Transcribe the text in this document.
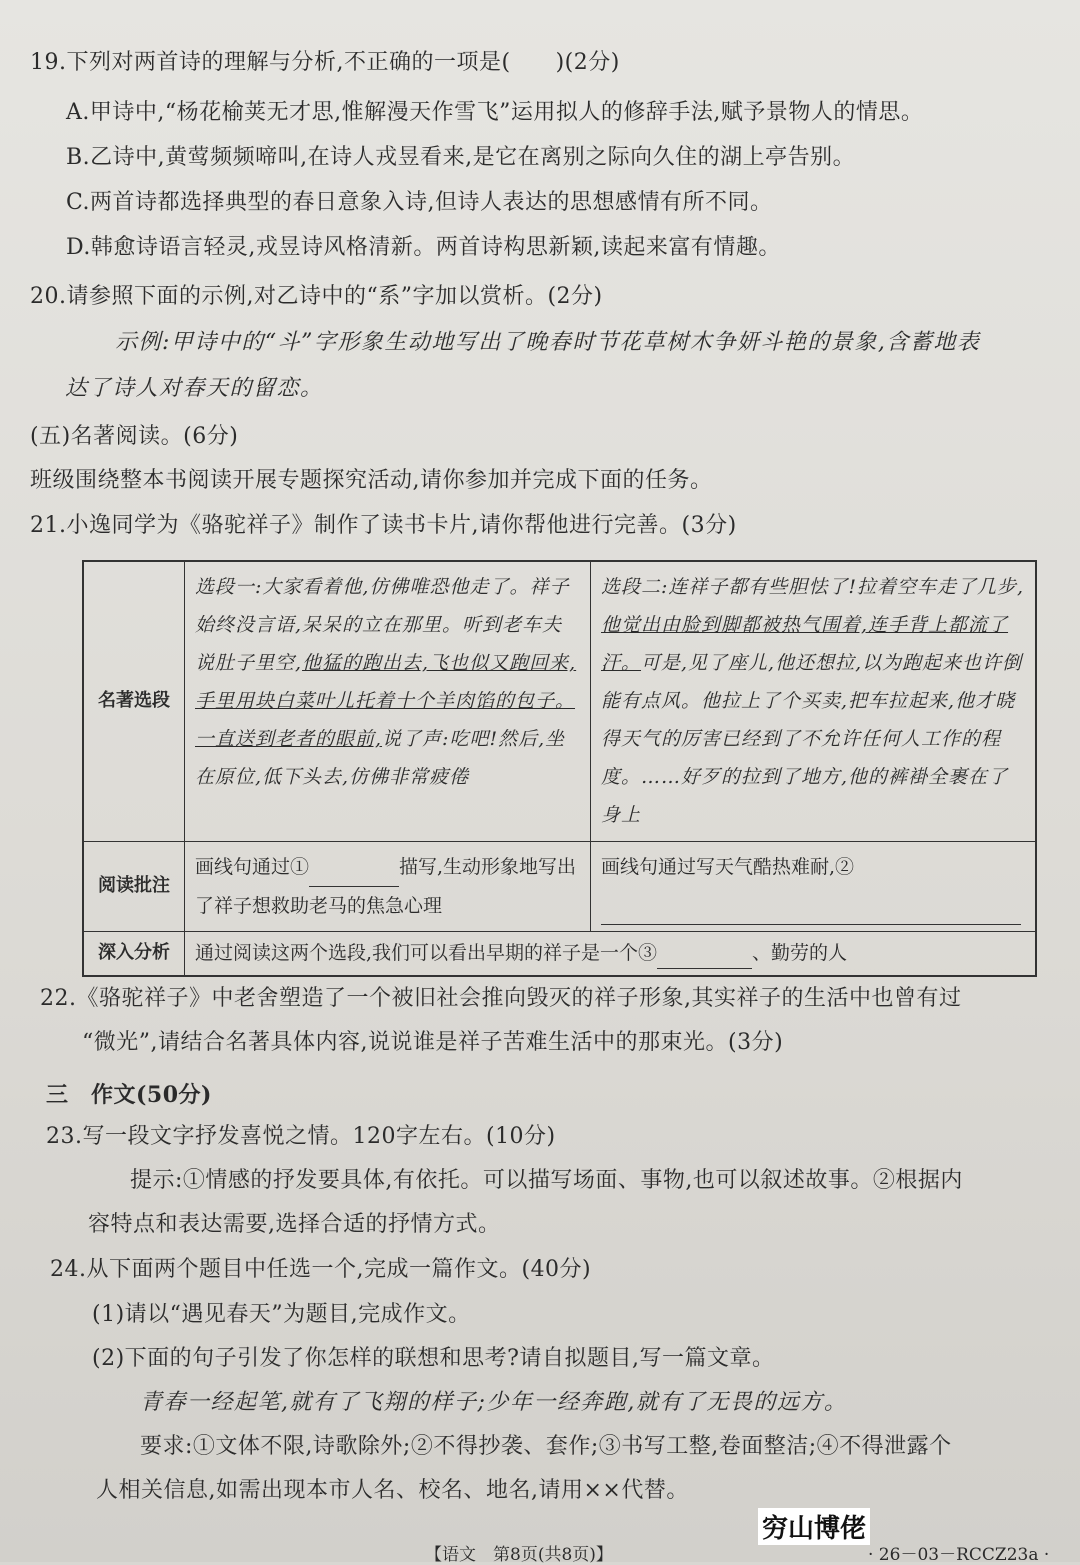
19.下列对两首诗的理解与分析,不正确的一项是(　　)(2分)
A.甲诗中,“杨花榆荚无才思,惟解漫天作雪飞”运用拟人的修辞手法,赋予景物人的情思。
B.乙诗中,黄莺频频啼叫,在诗人戎昱看来,是它在离别之际向久住的湖上亭告别。
C.两首诗都选择典型的春日意象入诗,但诗人表达的思想感情有所不同。
D.韩愈诗语言轻灵,戎昱诗风格清新。两首诗构思新颖,读起来富有情趣。
20.请参照下面的示例,对乙诗中的“系”字加以赏析。(2分)
示例:甲诗中的“斗”字形象生动地写出了晚春时节花草树木争妍斗艳的景象,含蓄地表
达了诗人对春天的留恋。
(五)名著阅读。(6分)
班级围绕整本书阅读开展专题探究活动,请你参加并完成下面的任务。
21.小逸同学为《骆驼祥子》制作了读书卡片,请你帮他进行完善。(3分)
名著选段	选段一:大家看着他,仿佛唯恐他走了。祥子始终没言语,呆呆的立在那里。听到老车夫说肚子里空,他猛的跑出去,飞也似又跑回来,手里用块白菜叶儿托着十个羊肉馅的包子。一直送到老者的眼前,说了声:吃吧!然后,坐在原位,低下头去,仿佛非常疲倦	选段二:连祥子都有些胆怯了!拉着空车走了几步,他觉出由脸到脚都被热气围着,连手背上都流了汗。可是,见了座儿,他还想拉,以为跑起来也许倒能有点风。他拉上了个买卖,把车拉起来,他才晓得天气的厉害已经到了不允许任何人工作的程度。……好歹的拉到了地方,他的裤褂全裹在了身上
阅读批注	画线句通过① 描写,生动形象地写出了祥子想救助老马的焦急心理	画线句通过写天气酷热难耐,②

深入分析	通过阅读这两个选段,我们可以看出早期的祥子是一个③ 、勤劳的人	
22.《骆驼祥子》中老舍塑造了一个被旧社会推向毁灭的祥子形象,其实祥子的生活中也曾有过
“微光”,请结合名著具体内容,说说谁是祥子苦难生活中的那束光。(3分)
三　作文(50分)
23.写一段文字抒发喜悦之情。120字左右。(10分)
提示:①情感的抒发要具体,有依托。可以描写场面、事物,也可以叙述故事。②根据内
容特点和表达需要,选择合适的抒情方式。
24.从下面两个题目中任选一个,完成一篇作文。(40分)
(1)请以“遇见春天”为题目,完成作文。
(2)下面的句子引发了你怎样的联想和思考?请自拟题目,写一篇文章。
青春一经起笔,就有了飞翔的样子;少年一经奔跑,就有了无畏的远方。
要求:①文体不限,诗歌除外;②不得抄袭、套作;③书写工整,卷面整洁;④不得泄露个
人相关信息,如需出现本市人名、校名、地名,请用××代替。
穷山博佬
【语文　第8页(共8页)】	· 26－03－RCCZ23a ·
